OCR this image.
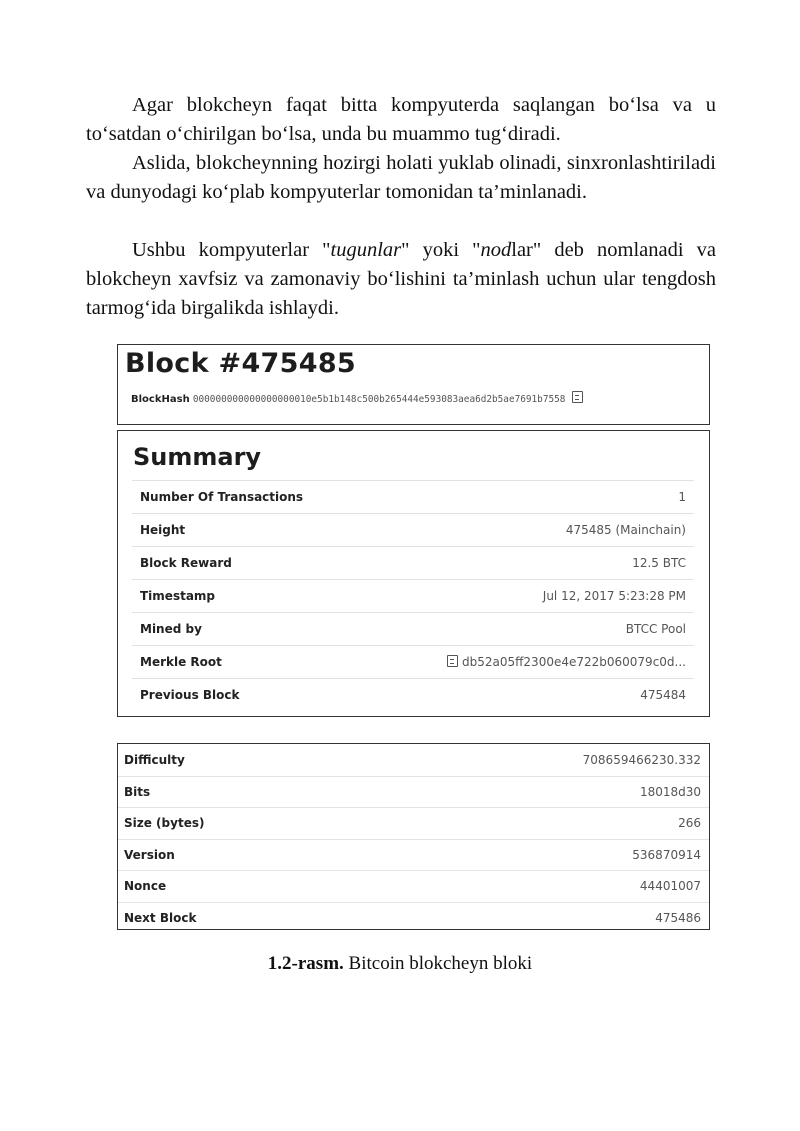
Agar blokcheyn faqat bitta kompyuterda saqlangan bo‘lsa va u to‘satdan o‘chirilgan bo‘lsa, unda bu muammo tug‘diradi.

Aslida, blokcheynning hozirgi holati yuklab olinadi, sinxronlashtiriladi va dunyodagi ko‘plab kompyuterlar tomonidan ta’minlanadi.

Ushbu kompyuterlar "tugunlar" yoki "nodlar" deb nomlanadi va blokcheyn xavfsiz va zamonaviy bo‘lishini ta’minlash uchun ular tengdosh tarmog‘ida birgalikda ishlaydi.

Block #475485
BlockHash 000000000000000000010e5b1b148c500b265444e593083aea6d2b5ae7691b7558
Summary
Number Of Transactions	1
Height	475485 (Mainchain)
Block Reward	12.5 BTC
Timestamp	Jul 12, 2017 5:23:28 PM
Mined by	BTCC Pool
Merkle Root	db52a05ff2300e4e722b060079c0d...
Previous Block	475484
Difficulty	708659466230.332
Bits	18018d30
Size (bytes)	266
Version	536870914
Nonce	44401007
Next Block	475486
1.2-rasm. Bitcoin blokcheyn bloki
